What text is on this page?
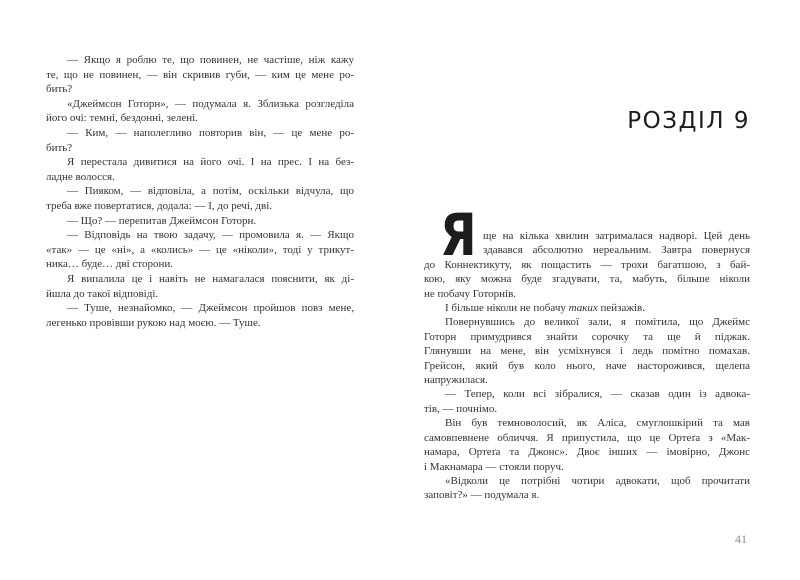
— Якщо я роблю те, що повинен, не частіше, ніж кажу
те, що не повинен, — він скривив губи, — ким це мене ро-
бить?
«Джеймсон Готорн», — подумала я. Зблизька розгледіла
його очі: темні, бездонні, зелені.
— Ким, — наполегливо повторив він, — це мене ро-
бить?
Я перестала дивитися на його очі. І на прес. І на без-
ладне волосся.
— Пияком, — відповіла, а потім, оскільки відчула, що
треба вже повертатися, додала: — І, до речі, дві.
— Що? — перепитав Джеймсон Готорн.
— Відповідь на твою задачу, — промовила я. — Якщо
«так» — це «ні», а «колись» — це «ніколи», тоді у трикут-
ника… буде… дві сторони.
Я випалила це і навіть не намагалася пояснити, як ді-
йшла до такої відповіді.
— Туше, незнайомко, — Джеймсон пройшов повз мене,
легенько провівши рукою над моєю. — Туше.
РОЗДІЛ 9
Я ще на кілька хвилин затрималася надворі. Цей день
здавався абсолютно нереальним. Завтра повернуся
до Коннектикуту, як пощастить — трохи багатшою, з бай-
кою, яку можна буде згадувати, та, мабуть, більше ніколи
не побачу Готорнів.
І більше ніколи не побачу таких пейзажів.
Повернувшись до великої зали, я помітила, що Джеймс
Готорн примудрився знайти сорочку та ще й піджак.
Глянувши на мене, він усміхнувся і ледь помітно помахав.
Грейсон, який був коло нього, наче насторожився, щелепа
напружилася.
— Тепер, коли всі зібралися, — сказав один із адвока-
тів, — почнімо.
Він був темноволосий, як Аліса, смуглошкірий та мав
самовпевнене обличчя. Я припустила, що це Ортеґа з «Мак-
намара, Ортеґа та Джонс». Двоє інших — імовірно, Джонс
і Макнамара — стояли поруч.
«Відколи це потрібні чотири адвокати, щоб прочитати
заповіт?» — подумала я.
41
